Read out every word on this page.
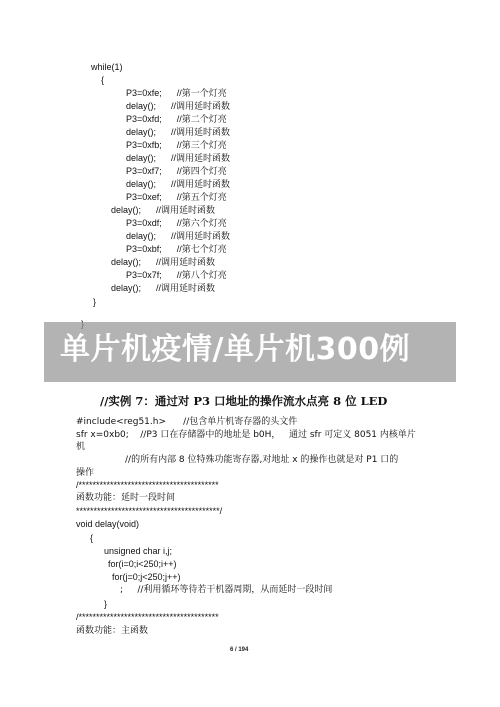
while(1)
{
P3=0xfe;      //第一个灯亮
delay();      //调用延时函数
P3=0xfd;      //第二个灯亮
delay();      //调用延时函数
P3=0xfb;      //第三个灯亮
delay();      //调用延时函数
P3=0xf7;      //第四个灯亮
delay();      //调用延时函数
P3=0xef;      //第五个灯亮
delay();      //调用延时函数
P3=0xdf;      //第六个灯亮
delay();      //调用延时函数
P3=0xbf;      //第七个灯亮
delay();      //调用延时函数
P3=0x7f;      //第八个灯亮
delay();      //调用延时函数
}
单片机疫情/单片机300例
//实例 7：通过对 P3 口地址的操作流水点亮 8 位 LED
#include<reg51.h>      //包含单片机寄存器的头文件
sfr x=0xb0;    //P3 口在存储器中的地址是 b0H，   通过 sfr 可定义 8051 内核单片
机
//的所有内部 8 位特殊功能寄存器,对地址 x 的操作也就是对 P1 口的
操作
/****************************************
函数功能：延时一段时间
*****************************************/
void delay(void)
{
unsigned char i,j;
for(i=0;i<250;i++)
for(j=0;j<250;j++)
;     //利用循环等待若干机器周期，从而延时一段时间
}
/****************************************
函数功能：主函数
6 / 194
